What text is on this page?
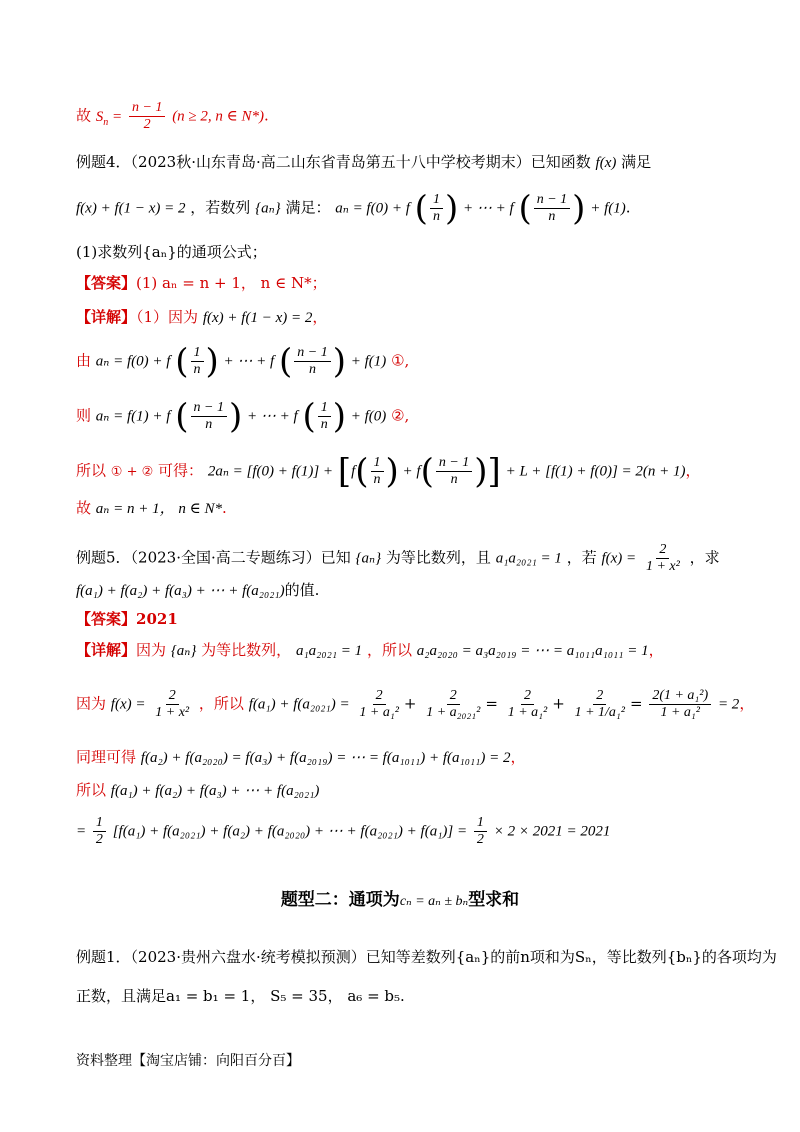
故 $S_n = \frac{n - 1}{2} (n \ge 2$, n ∈ N*).
例题4．（2023秋·山东青岛·高二山东省青岛第五十八中学校考期末）已知函数 f(x) 满足
f(x) + f(1 − x) = 2 ，若数列 {aₙ} 满足： aₙ = f(0) + f ( $\frac{1}{n}$ ) + ⋯ + f ( $\frac{n - 1}{n}$ ) + f(1).
(1)求数列{aₙ}的通项公式；
【答案】(1) aₙ = n + 1， n ∈ N*；
【详解】（1）因为 f(x) + f(1 − x) = 2，
由 aₙ = f(0) + f ( $\frac{1}{n}$ ) + ⋯ + f ( $\frac{n - 1}{n}$ ) + f(1) ①,
则 aₙ = f(1) + f ( $\frac{n - 1}{n}$ ) + ⋯ + f ( $\frac{1}{n}$ ) + f(0) ②,
所以 ① + ② 可得： $2a_n = [f(0) + f(1)] + [f( \frac{1}{n}$ ) + $f( \frac{n - 1}{n}$ )] + L + [f(1) + f(0)] = 2(n + 1)，
故 aₙ = n + 1， n ∈ N*.
例题5．（2023·全国·高二专题练习）已知 {aₙ} 为等比数列，且 a₁a₂₀₂₁ = 1 ，若 $f(x) = \frac{2}{\text{1 + x²}}$ ，求
f(a₁) + f(a₂) + f(a₃) + ⋯ + f(a₂₀₂₁)的值.
【答案】2021
【详解】因为 {aₙ} 为等比数列， a₁a₂₀₂₁ = 1 ，所以 a₂a₂₀₂₀ = a₃a₂₀₁₉ = ⋯ = a₁₀₁₁a₁₀₁₁ = 1，
因为 $f(x) = \frac{2}{\text{1 + x²}}$ ，所以 $f(a_1) + f(a_{2021}) = \frac{2}{\text{1 + a₁²}} + \frac{2}{\text{1 + a₂₀₂₁²}} = \frac{2}{\text{1 + a₁²}} + \frac{2}{\text{1 + 1/a₁²}} = \frac{\text{2(1 + a₁²)}}{\text{1 + a₁²}} = 2$，
同理可得 f(a₂) + f(a₂₀₂₀) = f(a₃) + f(a₂₀₁₉) = ⋯ = f(a₁₀₁₁) + f(a₁₀₁₁) = 2，
所以 f(a₁) + f(a₂) + f(a₃) + ⋯ + f(a₂₀₂₁)
= $\frac{1}{2} [f(a_1) + f(a_{2021}) + f(a_2) + f(a_{2020})$ + ⋯ + $f(a_{2021}) + f(a_1)] = \frac{1}{2} \times 2 \times 2021 = 2021$
题型二：通项为cₙ = aₙ ± bₙ型求和
例题1．（2023·贵州六盘水·统考模拟预测）已知等差数列{aₙ}的前n项和为Sₙ，等比数列{bₙ}的各项均为
正数，且满足a₁ = b₁ = 1， S₅ = 35， a₆ = b₅.
资料整理【淘宝店铺：向阳百分百】
